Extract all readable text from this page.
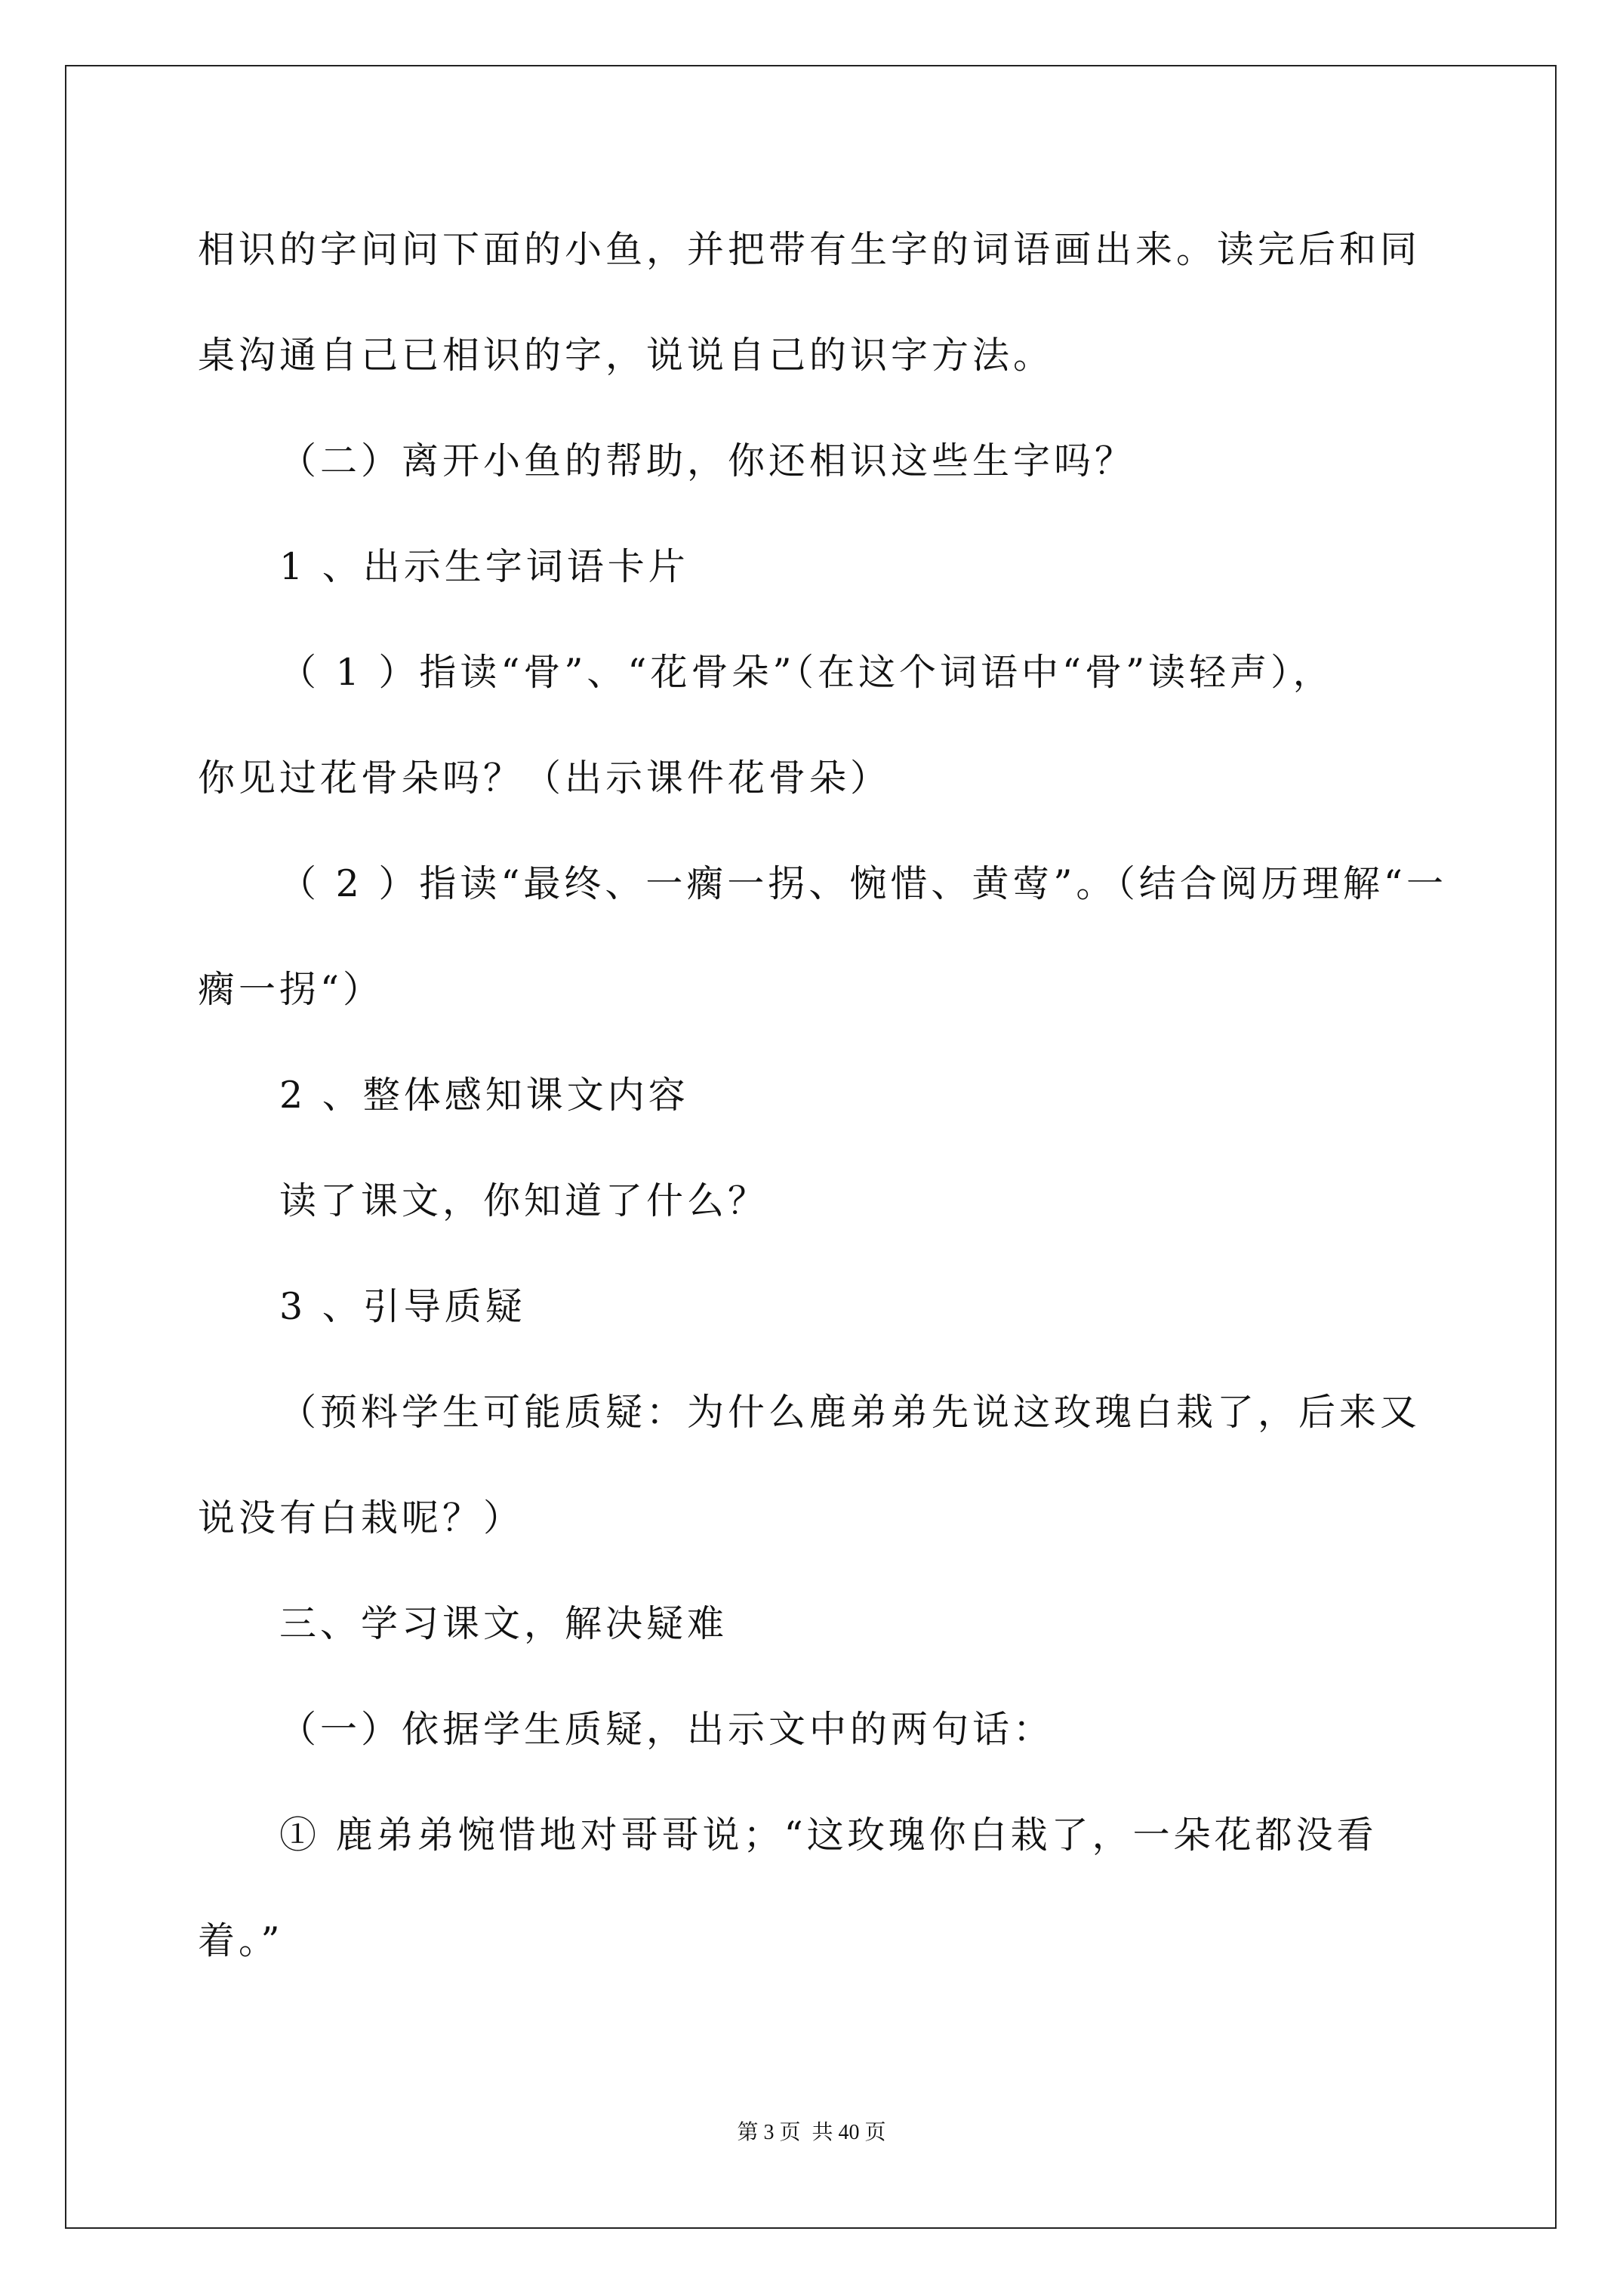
相识的字问问下面的小鱼，并把带有生字的词语画出来。读完后和同
桌沟通自己已相识的字，说说自己的识字方法。
（二）离开小鱼的帮助，你还相识这些生字吗？
1 、出示生字词语卡片
（ 1 ）指读“骨”、“花骨朵”（在这个词语中“骨”读轻声），
你见过花骨朵吗？（出示课件花骨朵）
（ 2 ）指读“最终、一瘸一拐、惋惜、黄莺”。（结合阅历理解“一
瘸一拐“）
2 、整体感知课文内容
读了课文，你知道了什么？
3 、引导质疑
（预料学生可能质疑：为什么鹿弟弟先说这玫瑰白栽了，后来又
说没有白栽呢？）
三、学习课文，解决疑难
（一）依据学生质疑，出示文中的两句话：
① 鹿弟弟惋惜地对哥哥说；“这玫瑰你白栽了，一朵花都没看
着。”
第 3 页 共 40 页
